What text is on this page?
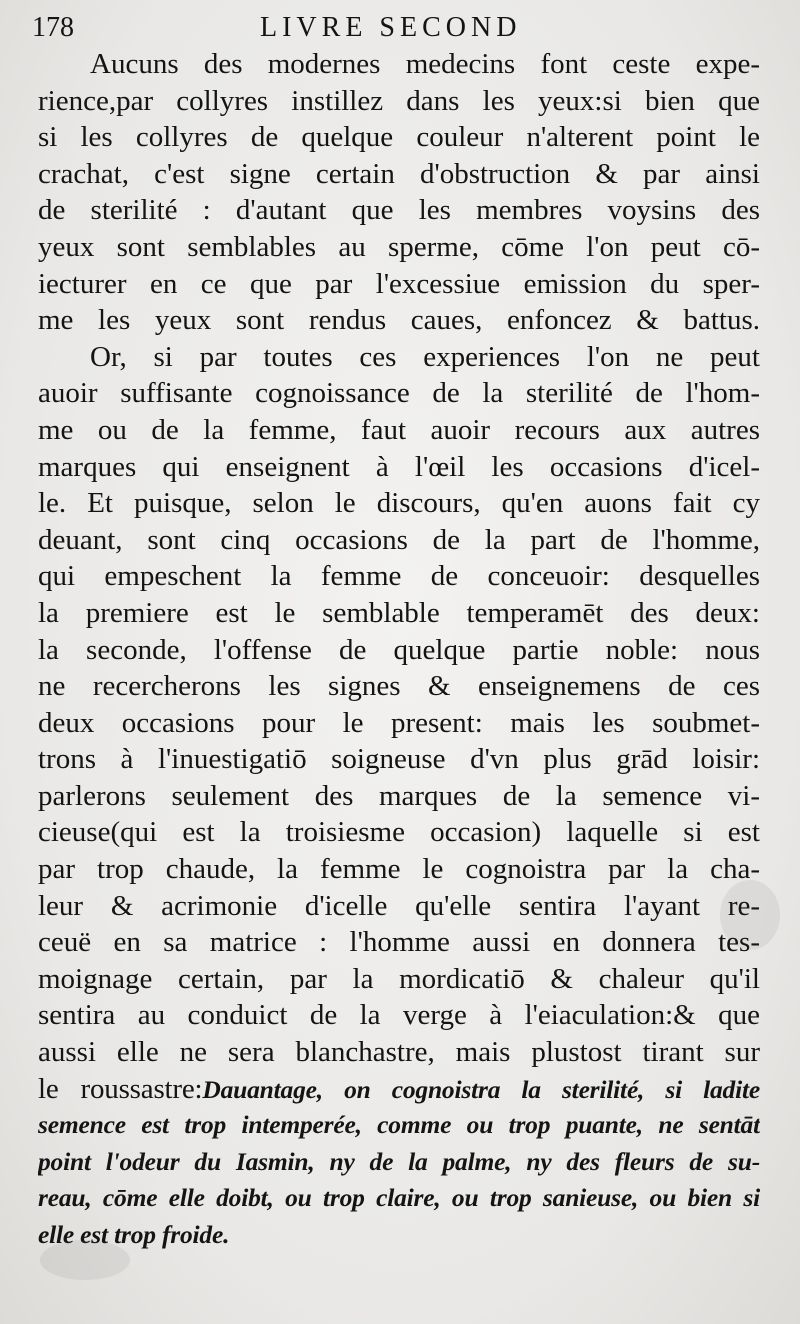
178	LIVRE SECOND
Aucuns des modernes medecins font ceste expe-
rience,par collyres instillez dans les yeux:si bien que
si les collyres de quelque couleur n'alterent point le
crachat, c'est signe certain d'obstruction & par ainsi
de sterilité : d'autant que les membres voysins des
yeux sont semblables au sperme, cōme l'on peut cō-
iecturer en ce que par l'excessiue emission du sper-
me les yeux sont rendus caues, enfoncez & battus.
Or, si par toutes ces experiences l'on ne peut
auoir suffisante cognoissance de la sterilité de l'hom-
me ou de la femme, faut auoir recours aux autres
marques qui enseignent à l'œil les occasions d'icel-
le. Et puisque, selon le discours, qu'en auons fait cy
deuant, sont cinq occasions de la part de l'homme,
qui empeschent la femme de conceuoir: desquelles
la premiere est le semblable temperamēt des deux:
la seconde, l'offense de quelque partie noble: nous
ne recercherons les signes & enseignemens de ces
deux occasions pour le present: mais les soubmet-
trons à l'inuestigatiō soigneuse d'vn plus grād loisir:
parlerons seulement des marques de la semence vi-
cieuse(qui est la troisiesme occasion) laquelle si est
par trop chaude, la femme le cognoistra par la cha-
leur & acrimonie d'icelle qu'elle sentira l'ayant re-
ceuë en sa matrice : l'homme aussi en donnera tes-
moignage certain, par la mordicatiō & chaleur qu'il
sentira au conduict de la verge à l'eiaculation:& que
aussi elle ne sera blanchastre, mais plustost tirant sur
le roussastre:Dauantage, on cognoistra la sterilité, si ladite
semence est trop intemperée, comme ou trop puante, ne sentāt
point l'odeur du Iasmin, ny de la palme, ny des fleurs de su-
reau, cōme elle doibt, ou trop claire, ou trop sanieuse, ou bien si
elle est trop froide.
